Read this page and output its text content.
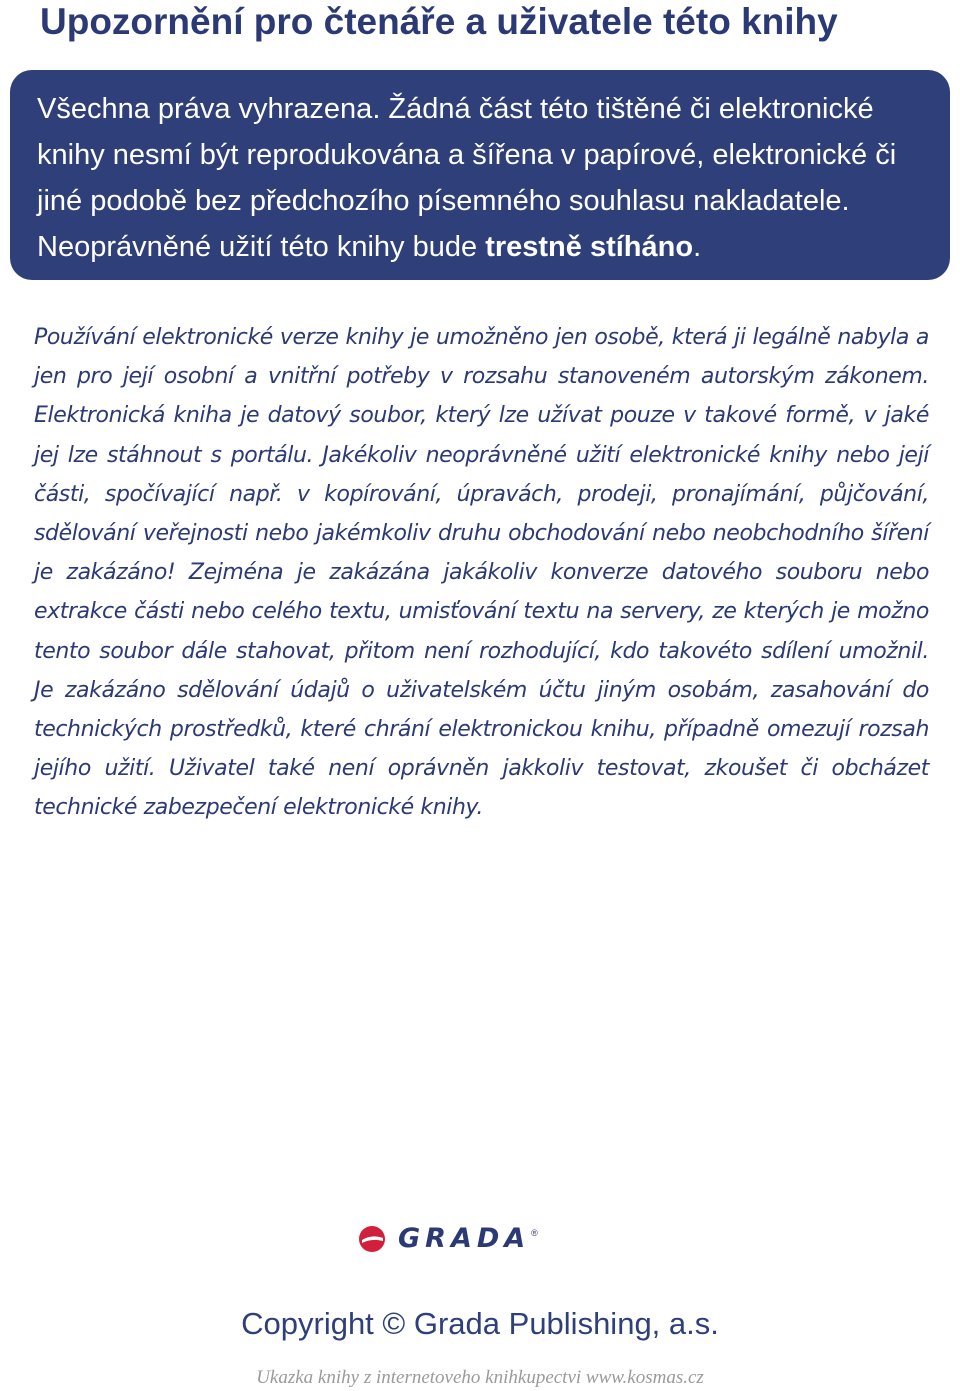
Upozornění pro čtenáře a uživatele této knihy

Všechna práva vyhrazena. Žádná část této tištěné či elektronické knihy nesmí být reprodukována a šířena v papírové, elektronické či jiné podobě bez předchozího písemného souhlasu nakladatele. Neoprávněné užití této knihy bude trestně stíháno.

Používání elektronické verze knihy je umožněno jen osobě, která ji legálně nabyla a jen pro její osobní a vnitřní potřeby v rozsahu stanoveném autorským zákonem. Elektronická kniha je datový soubor, který lze užívat pouze v takové formě, v jaké jej lze stáhnout s portálu. Jakékoliv neoprávněné užití elektronické knihy nebo její části, spočívající např. v kopírování, úpravách, prodeji, pronajímání, půjčování, sdělování veřejnosti nebo jakémkoliv druhu obchodování nebo neobchodního šíření je zakázáno! Zejména je zakázána jakákoliv konverze datového souboru nebo extrakce části nebo celého textu, umisťování textu na servery, ze kterých je možno tento soubor dále stahovat, přitom není rozhodující, kdo takovéto sdílení umožnil. Je zakázáno sdělování údajů o uživatelském účtu jiným osobám, zasahování do technických prostředků, které chrání elektronickou knihu, případně omezují rozsah jejího užití. Uživatel také není oprávněn jakkoliv testovat, zkoušet či obcházet technické zabezpečení elektronické knihy.

GRADA ®
Copyright © Grada Publishing, a.s.
Ukazka knihy z internetoveho knihkupectvi www.kosmas.cz
